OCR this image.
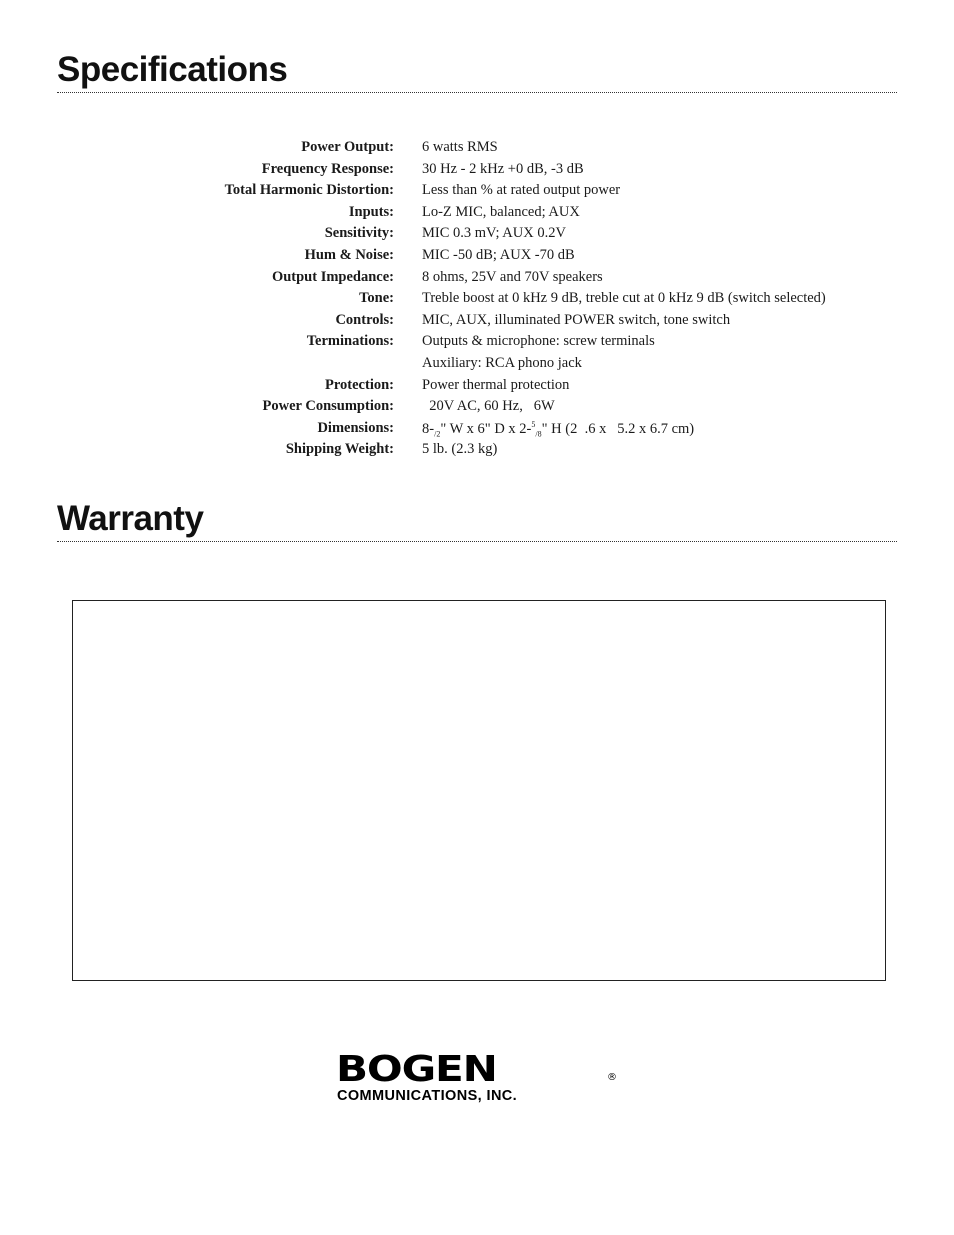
Specifications
Power Output: 6 watts RMS
Frequency Response: 30 Hz - 2 kHz +0 dB, -3 dB
Total Harmonic Distortion: Less than % at rated output power
Inputs: Lo-Z MIC, balanced; AUX
Sensitivity: MIC 0.3 mV; AUX 0.2V
Hum & Noise: MIC -50 dB; AUX -70 dB
Output Impedance: 8 ohms, 25V and 70V speakers
Tone: Treble boost at 0 kHz 9 dB, treble cut at 0 kHz 9 dB (switch selected)
Controls: MIC, AUX, illuminated POWER switch, tone switch
Terminations: Outputs & microphone: screw terminals
Auxiliary: RCA phono jack
Protection: Power thermal protection
Power Consumption: 20V AC, 60 Hz,   6W
Dimensions: $8-_{/2}$" W x 6" D x 2-$^5_{/8}$" H (2  .6 x   5.2 x 6.7 cm)
Shipping Weight: 5 lb. (2.3 kg)
Warranty
BOGEN	®
COMMUNICATIONS, INC.
